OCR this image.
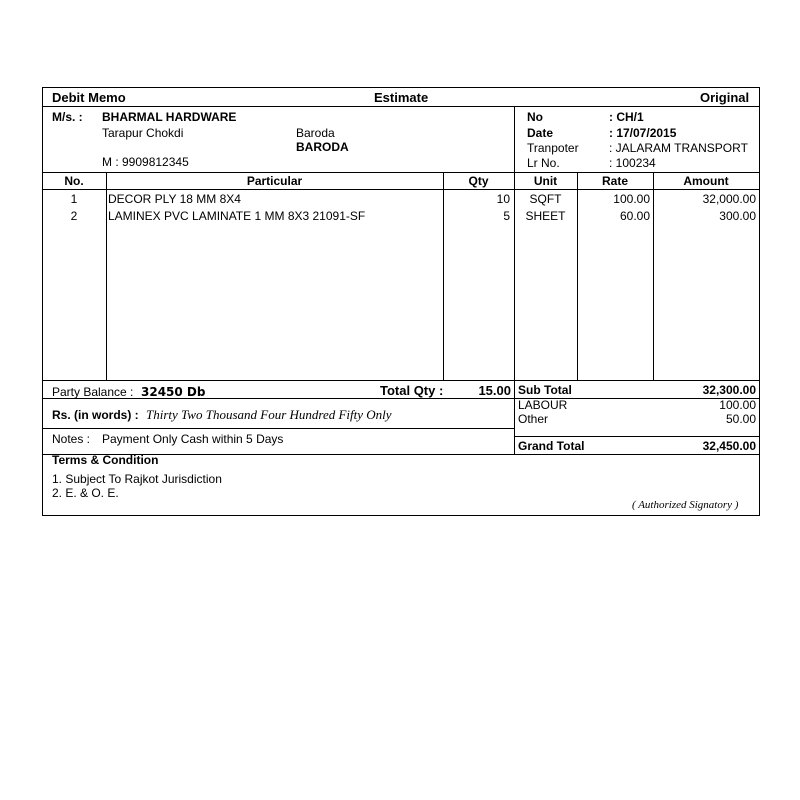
Debit Memo	Estimate	Original
M/s. : BHARMAL HARDWARE
Tarapur Chokdi	Baroda
BARODA
M : 9909812345
No	: CH/1
Date	: 17/07/2015
Tranpoter	: JALARAM TRANSPORT
Lr No.	: 100234
No.	Particular	Qty	Unit	Rate	Amount
1	DECOR PLY 18 MM 8X4	10	SQFT	100.00	32,000.00
2	LAMINEX PVC LAMINATE 1 MM 8X3 21091-SF	5	SHEET	60.00	300.00
Party Balance : 32450 Db	Total Qty :	15.00
Rs. (in words) : Thirty Two Thousand Four Hundred Fifty Only
Notes : Payment Only Cash within 5 Days
Sub Total	32,300.00
LABOUR	100.00
Other	50.00
Grand Total	32,450.00
Terms & Condition
1. Subject To Rajkot Jurisdiction
2. E. & O. E.
( Authorized Signatory )
